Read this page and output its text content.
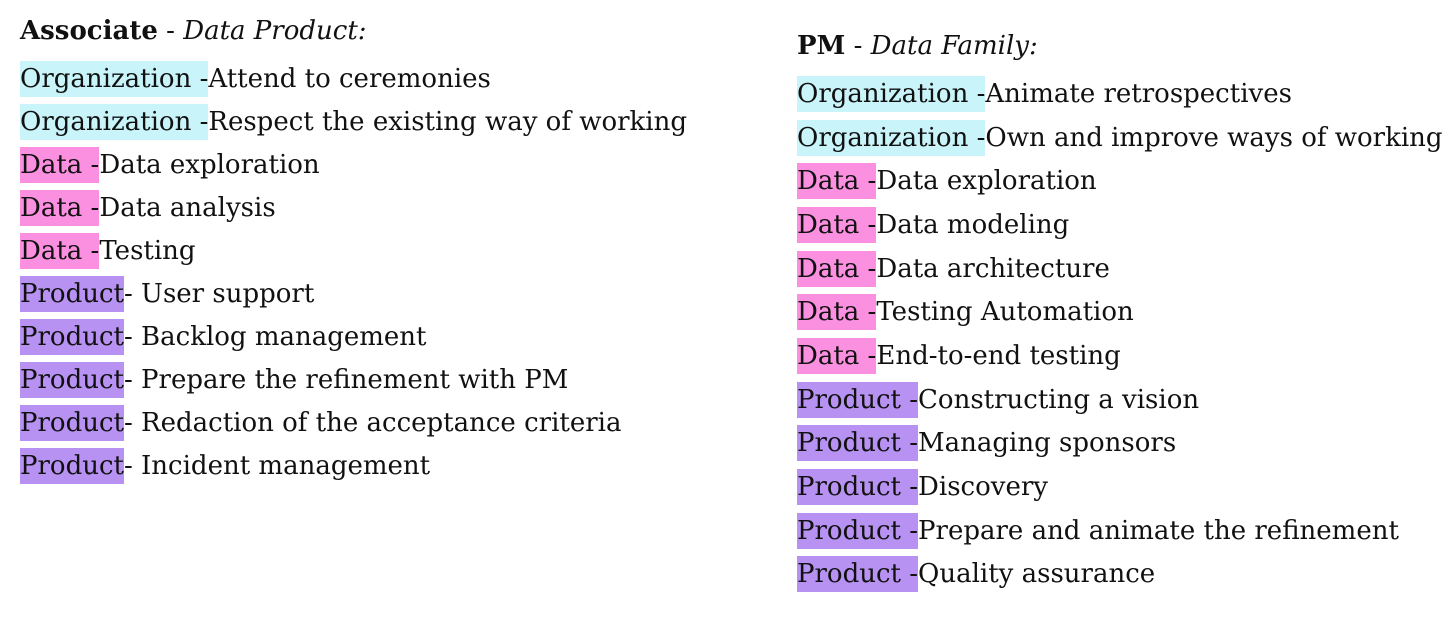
Associate - Data Product:
Organization - Attend to ceremonies
Organization - Respect the existing way of working
Data - Data exploration
Data - Data analysis
Data - Testing
Product - User support
Product - Backlog management
Product - Prepare the refinement with PM
Product - Redaction of the acceptance criteria
Product - Incident management
PM - Data Family:
Organization - Animate retrospectives
Organization - Own and improve ways of working
Data - Data exploration
Data - Data modeling
Data - Data architecture
Data - Testing Automation
Data - End-to-end testing
Product - Constructing a vision
Product - Managing sponsors
Product - Discovery
Product - Prepare and animate the refinement
Product - Quality assurance
